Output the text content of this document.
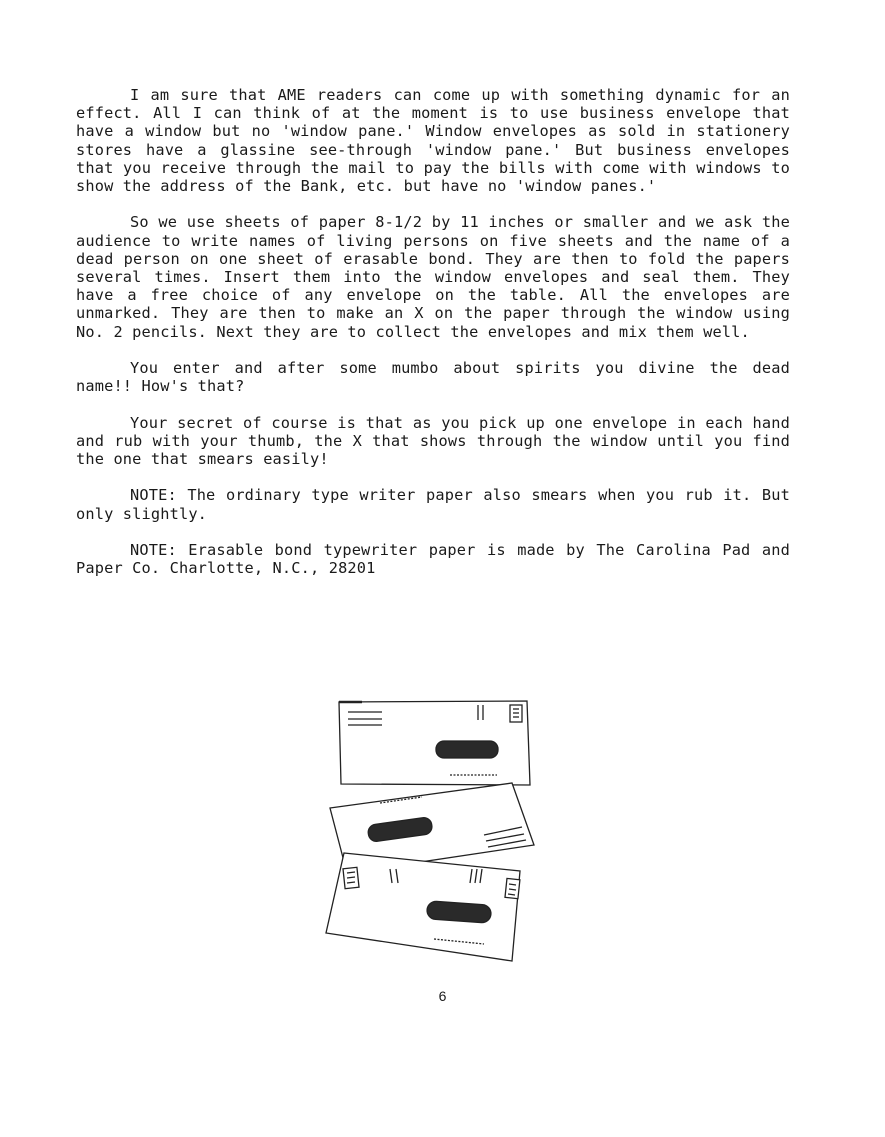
I am sure that AME readers can come up with something dynamic for an effect. All I can think of at the moment is to use business envelope that have a window but no 'window pane.' Window envelopes as sold in stationery stores have a glassine see-through 'window pane.' But business envelopes that you receive through the mail to pay the bills with come with windows to show the address of the Bank, etc. but have no 'window panes.'

So we use sheets of paper 8-1/2 by 11 inches or smaller and we ask the audience to write names of living persons on five sheets and the name of a dead person on one sheet of erasable bond. They are then to fold the papers several times. Insert them into the window envelopes and seal them. They have a free choice of any envelope on the table. All the envelopes are unmarked. They are then to make an X on the paper through the window using No. 2 pencils. Next they are to collect the envelopes and mix them well.

You enter and after some mumbo about spirits you divine the dead name!! How's that?

Your secret of course is that as you pick up one envelope in each hand and rub with your thumb, the X that shows through the window until you find the one that smears easily!

NOTE: The ordinary type writer paper also smears when you rub it. But only slightly.

NOTE: Erasable bond typewriter paper is made by The Carolina Pad and Paper Co. Charlotte, N.C., 28201

6
